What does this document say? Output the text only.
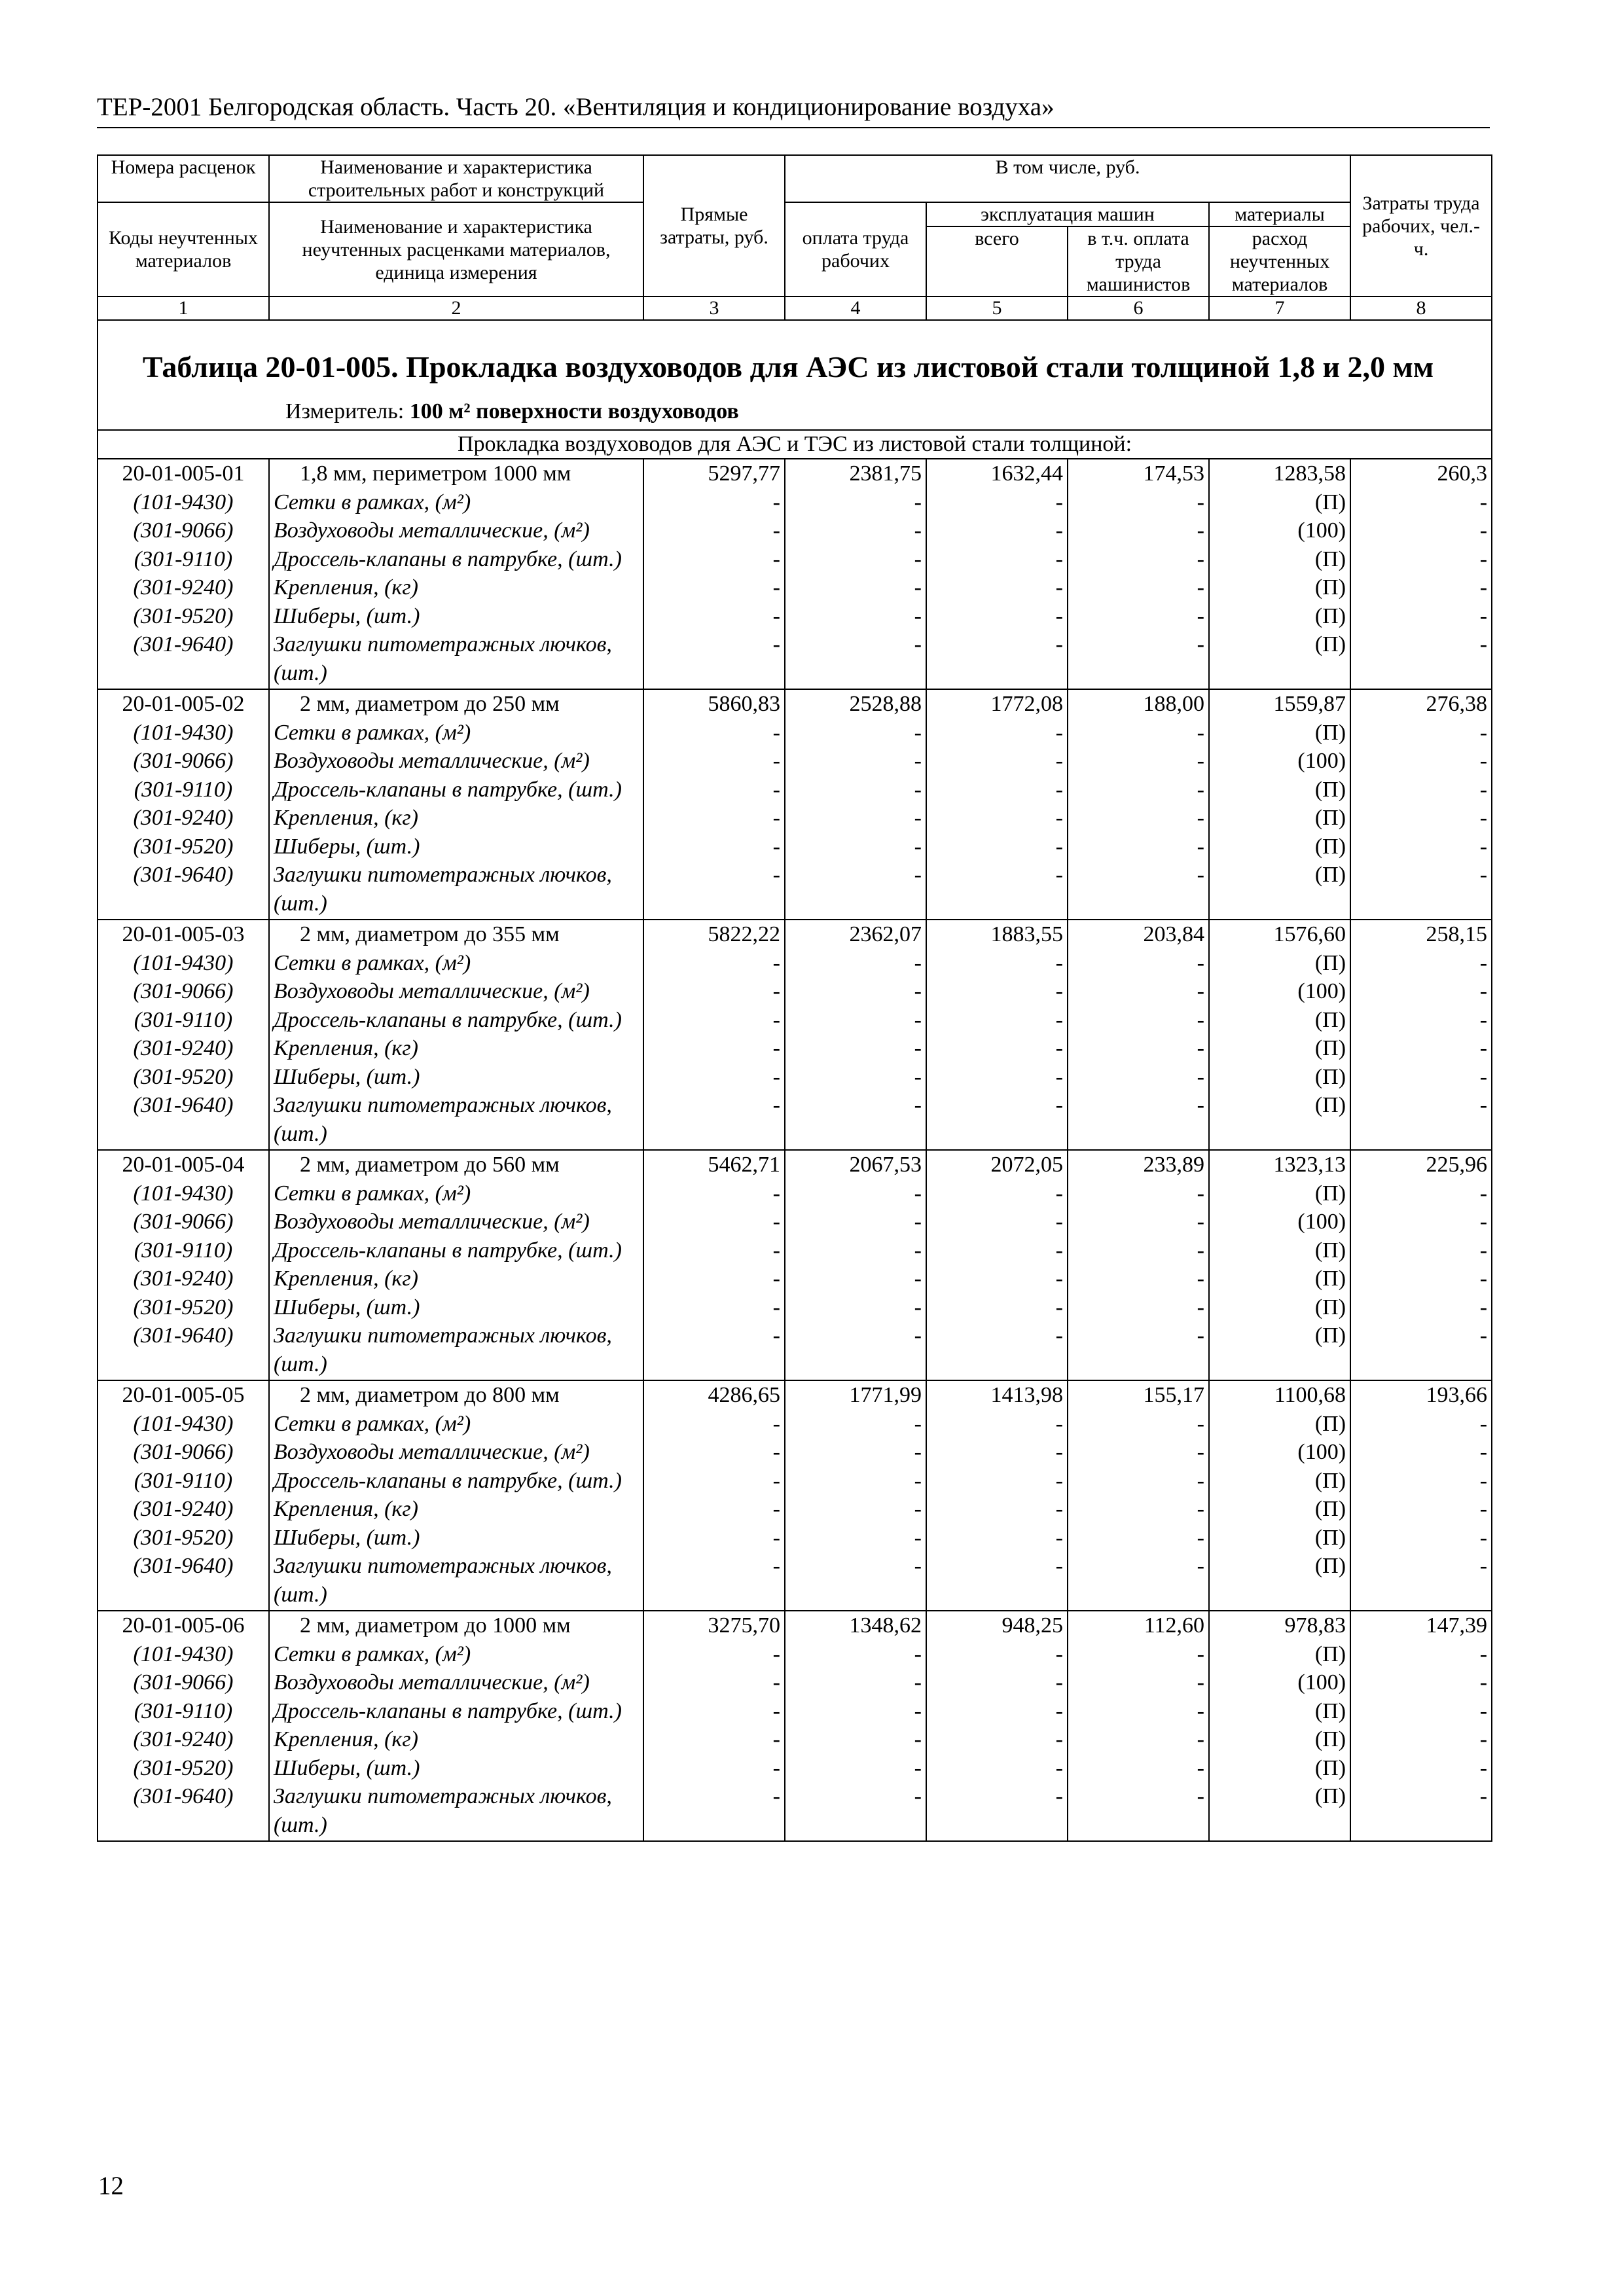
ТЕР-2001 Белгородская область. Часть 20. «Вентиляция и кондиционирование воздуха»
Номера расценок	Наименование и характеристика строительных работ и конструкций	Прямые затраты, руб.	В том числе, руб.				Затраты труда рабочих, чел.-ч.
Коды неучтенных материалов	Наименование и характеристика неучтенных расценками материалов, единица измерения		оплата труда рабочих	эксплуатация машин		материалы	
				всего	в т.ч. оплата труда машинистов	расход неучтенных материалов	
1	2	3	4	5	6	7	8

Таблица 20-01-005. Прокладка воздуховодов для АЭС из листовой стали толщиной 1,8 и 2,0 мм
Измеритель: 100 м² поверхности воздуховодов							

Прокладка воздуховодов для АЭС и ТЭС из листовой стали толщиной:							
20-01-005-01	1,8 мм, периметром 1000 мм	5297,77	2381,75	1632,44	174,53	1283,58	260,3
(101-9430)	Сетки в рамках, (м²)	-	-	-	-	(П)	-
(301-9066)	Воздуховоды металлические, (м²)	-	-	-	-	(100)	-
(301-9110)	Дроссель-клапаны в патрубке, (шт.)	-	-	-	-	(П)	-
(301-9240)	Крепления, (кг)	-	-	-	-	(П)	-
(301-9520)	Шиберы, (шт.)	-	-	-	-	(П)	-
(301-9640)	Заглушки питометражных лючков, (шт.)	-	-	-	-	(П)	-
20-01-005-02	2 мм, диаметром до 250 мм	5860,83	2528,88	1772,08	188,00	1559,87	276,38
(101-9430)	Сетки в рамках, (м²)	-	-	-	-	(П)	-
(301-9066)	Воздуховоды металлические, (м²)	-	-	-	-	(100)	-
(301-9110)	Дроссель-клапаны в патрубке, (шт.)	-	-	-	-	(П)	-
(301-9240)	Крепления, (кг)	-	-	-	-	(П)	-
(301-9520)	Шиберы, (шт.)	-	-	-	-	(П)	-
(301-9640)	Заглушки питометражных лючков, (шт.)	-	-	-	-	(П)	-
20-01-005-03	2 мм, диаметром до 355 мм	5822,22	2362,07	1883,55	203,84	1576,60	258,15
(101-9430)	Сетки в рамках, (м²)	-	-	-	-	(П)	-
(301-9066)	Воздуховоды металлические, (м²)	-	-	-	-	(100)	-
(301-9110)	Дроссель-клапаны в патрубке, (шт.)	-	-	-	-	(П)	-
(301-9240)	Крепления, (кг)	-	-	-	-	(П)	-
(301-9520)	Шиберы, (шт.)	-	-	-	-	(П)	-
(301-9640)	Заглушки питометражных лючков, (шт.)	-	-	-	-	(П)	-
20-01-005-04	2 мм, диаметром до 560 мм	5462,71	2067,53	2072,05	233,89	1323,13	225,96
(101-9430)	Сетки в рамках, (м²)	-	-	-	-	(П)	-
(301-9066)	Воздуховоды металлические, (м²)	-	-	-	-	(100)	-
(301-9110)	Дроссель-клапаны в патрубке, (шт.)	-	-	-	-	(П)	-
(301-9240)	Крепления, (кг)	-	-	-	-	(П)	-
(301-9520)	Шиберы, (шт.)	-	-	-	-	(П)	-
(301-9640)	Заглушки питометражных лючков, (шт.)	-	-	-	-	(П)	-
20-01-005-05	2 мм, диаметром до 800 мм	4286,65	1771,99	1413,98	155,17	1100,68	193,66
(101-9430)	Сетки в рамках, (м²)	-	-	-	-	(П)	-
(301-9066)	Воздуховоды металлические, (м²)	-	-	-	-	(100)	-
(301-9110)	Дроссель-клапаны в патрубке, (шт.)	-	-	-	-	(П)	-
(301-9240)	Крепления, (кг)	-	-	-	-	(П)	-
(301-9520)	Шиберы, (шт.)	-	-	-	-	(П)	-
(301-9640)	Заглушки питометражных лючков, (шт.)	-	-	-	-	(П)	-
20-01-005-06	2 мм, диаметром до 1000 мм	3275,70	1348,62	948,25	112,60	978,83	147,39
(101-9430)	Сетки в рамках, (м²)	-	-	-	-	(П)	-
(301-9066)	Воздуховоды металлические, (м²)	-	-	-	-	(100)	-
(301-9110)	Дроссель-клапаны в патрубке, (шт.)	-	-	-	-	(П)	-
(301-9240)	Крепления, (кг)	-	-	-	-	(П)	-
(301-9520)	Шиберы, (шт.)	-	-	-	-	(П)	-
(301-9640)	Заглушки питометражных лючков, (шт.)	-	-	-	-	(П)	-
12
